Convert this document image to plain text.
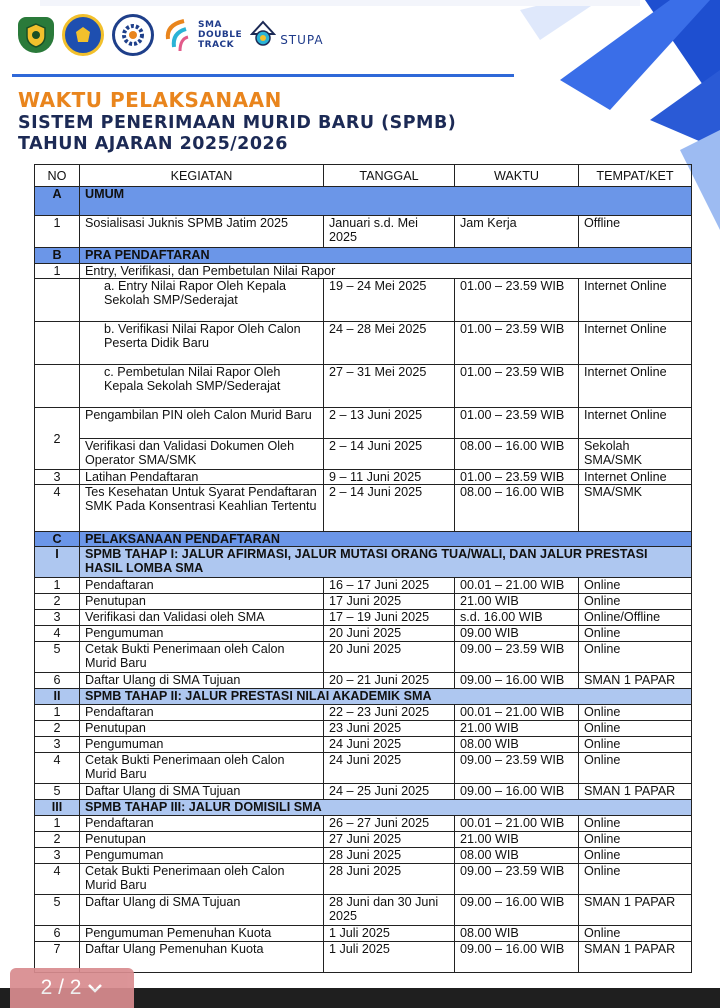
SMA
DOUBLE
TRACK	STUPA
WAKTU PELAKSANAAN
SISTEM PENERIMAAN MURID BARU (SPMB)
TAHUN AJARAN 2025/2026
NO	KEGIATAN	TANGGAL	WAKTU	TEMPAT/KET
A	UMUM			
1	Sosialisasi Juknis SPMB Jatim 2025	Januari s.d. Mei 2025	Jam Kerja	Offline
B	PRA PENDAFTARAN			
1	Entry, Verifikasi, dan Pembetulan Nilai Rapor			
	a. Entry Nilai Rapor Oleh Kepala Sekolah SMP/Sederajat	19 – 24 Mei 2025	01.00 – 23.59 WIB	Internet Online
	b. Verifikasi Nilai Rapor Oleh Calon Peserta Didik Baru	24 – 28 Mei 2025	01.00 – 23.59 WIB	Internet Online
	c. Pembetulan Nilai Rapor Oleh Kepala Sekolah SMP/Sederajat	27 – 31 Mei 2025	01.00 – 23.59 WIB	Internet Online
2	Pengambilan PIN oleh Calon Murid Baru	2 – 13 Juni 2025	01.00 – 23.59 WIB	Internet Online
	Verifikasi dan Validasi Dokumen Oleh Operator SMA/SMK	2 – 14 Juni 2025	08.00 – 16.00 WIB	Sekolah SMA/SMK
3	Latihan Pendaftaran	9 – 11 Juni 2025	01.00 – 23.59 WIB	Internet Online
4	Tes Kesehatan Untuk Syarat Pendaftaran SMK Pada Konsentrasi Keahlian Tertentu	2 – 14 Juni 2025	08.00 – 16.00 WIB	SMA/SMK
C	PELAKSANAAN PENDAFTARAN			
I	SPMB TAHAP I: JALUR AFIRMASI, JALUR MUTASI ORANG TUA/WALI, DAN JALUR PRESTASI HASIL LOMBA SMA			
1	Pendaftaran	16 – 17 Juni 2025	00.01 – 21.00 WIB	Online
2	Penutupan	17 Juni 2025	21.00 WIB	Online
3	Verifikasi dan Validasi oleh SMA	17 – 19 Juni 2025	s.d. 16.00 WIB	Online/Offline
4	Pengumuman	20 Juni 2025	09.00 WIB	Online
5	Cetak Bukti Penerimaan oleh Calon Murid Baru	20 Juni 2025	09.00 – 23.59 WIB	Online
6	Daftar Ulang di SMA Tujuan	20 – 21 Juni 2025	09.00 – 16.00 WIB	SMAN 1 PAPAR
II	SPMB TAHAP II: JALUR PRESTASI NILAI AKADEMIK SMA			
1	Pendaftaran	22 – 23 Juni 2025	00.01 – 21.00 WIB	Online
2	Penutupan	23 Juni 2025	21.00 WIB	Online
3	Pengumuman	24 Juni 2025	08.00 WIB	Online
4	Cetak Bukti Penerimaan oleh Calon Murid Baru	24 Juni 2025	09.00 – 23.59 WIB	Online
5	Daftar Ulang di SMA Tujuan	24 – 25 Juni 2025	09.00 – 16.00 WIB	SMAN 1 PAPAR
III	SPMB TAHAP III: JALUR DOMISILI SMA			
1	Pendaftaran	26 – 27 Juni 2025	00.01 – 21.00 WIB	Online
2	Penutupan	27 Juni 2025	21.00 WIB	Online
3	Pengumuman	28 Juni 2025	08.00 WIB	Online
4	Cetak Bukti Penerimaan oleh Calon Murid Baru	28 Juni 2025	09.00 – 23.59 WIB	Online
5	Daftar Ulang di SMA Tujuan	28 Juni dan 30 Juni 2025	09.00 – 16.00 WIB	SMAN 1 PAPAR
6	Pengumuman Pemenuhan Kuota	1 Juli 2025	08.00 WIB	Online
7	Daftar Ulang Pemenuhan Kuota	1 Juli 2025	09.00 – 16.00 WIB	SMAN 1 PAPAR
2 / 2
